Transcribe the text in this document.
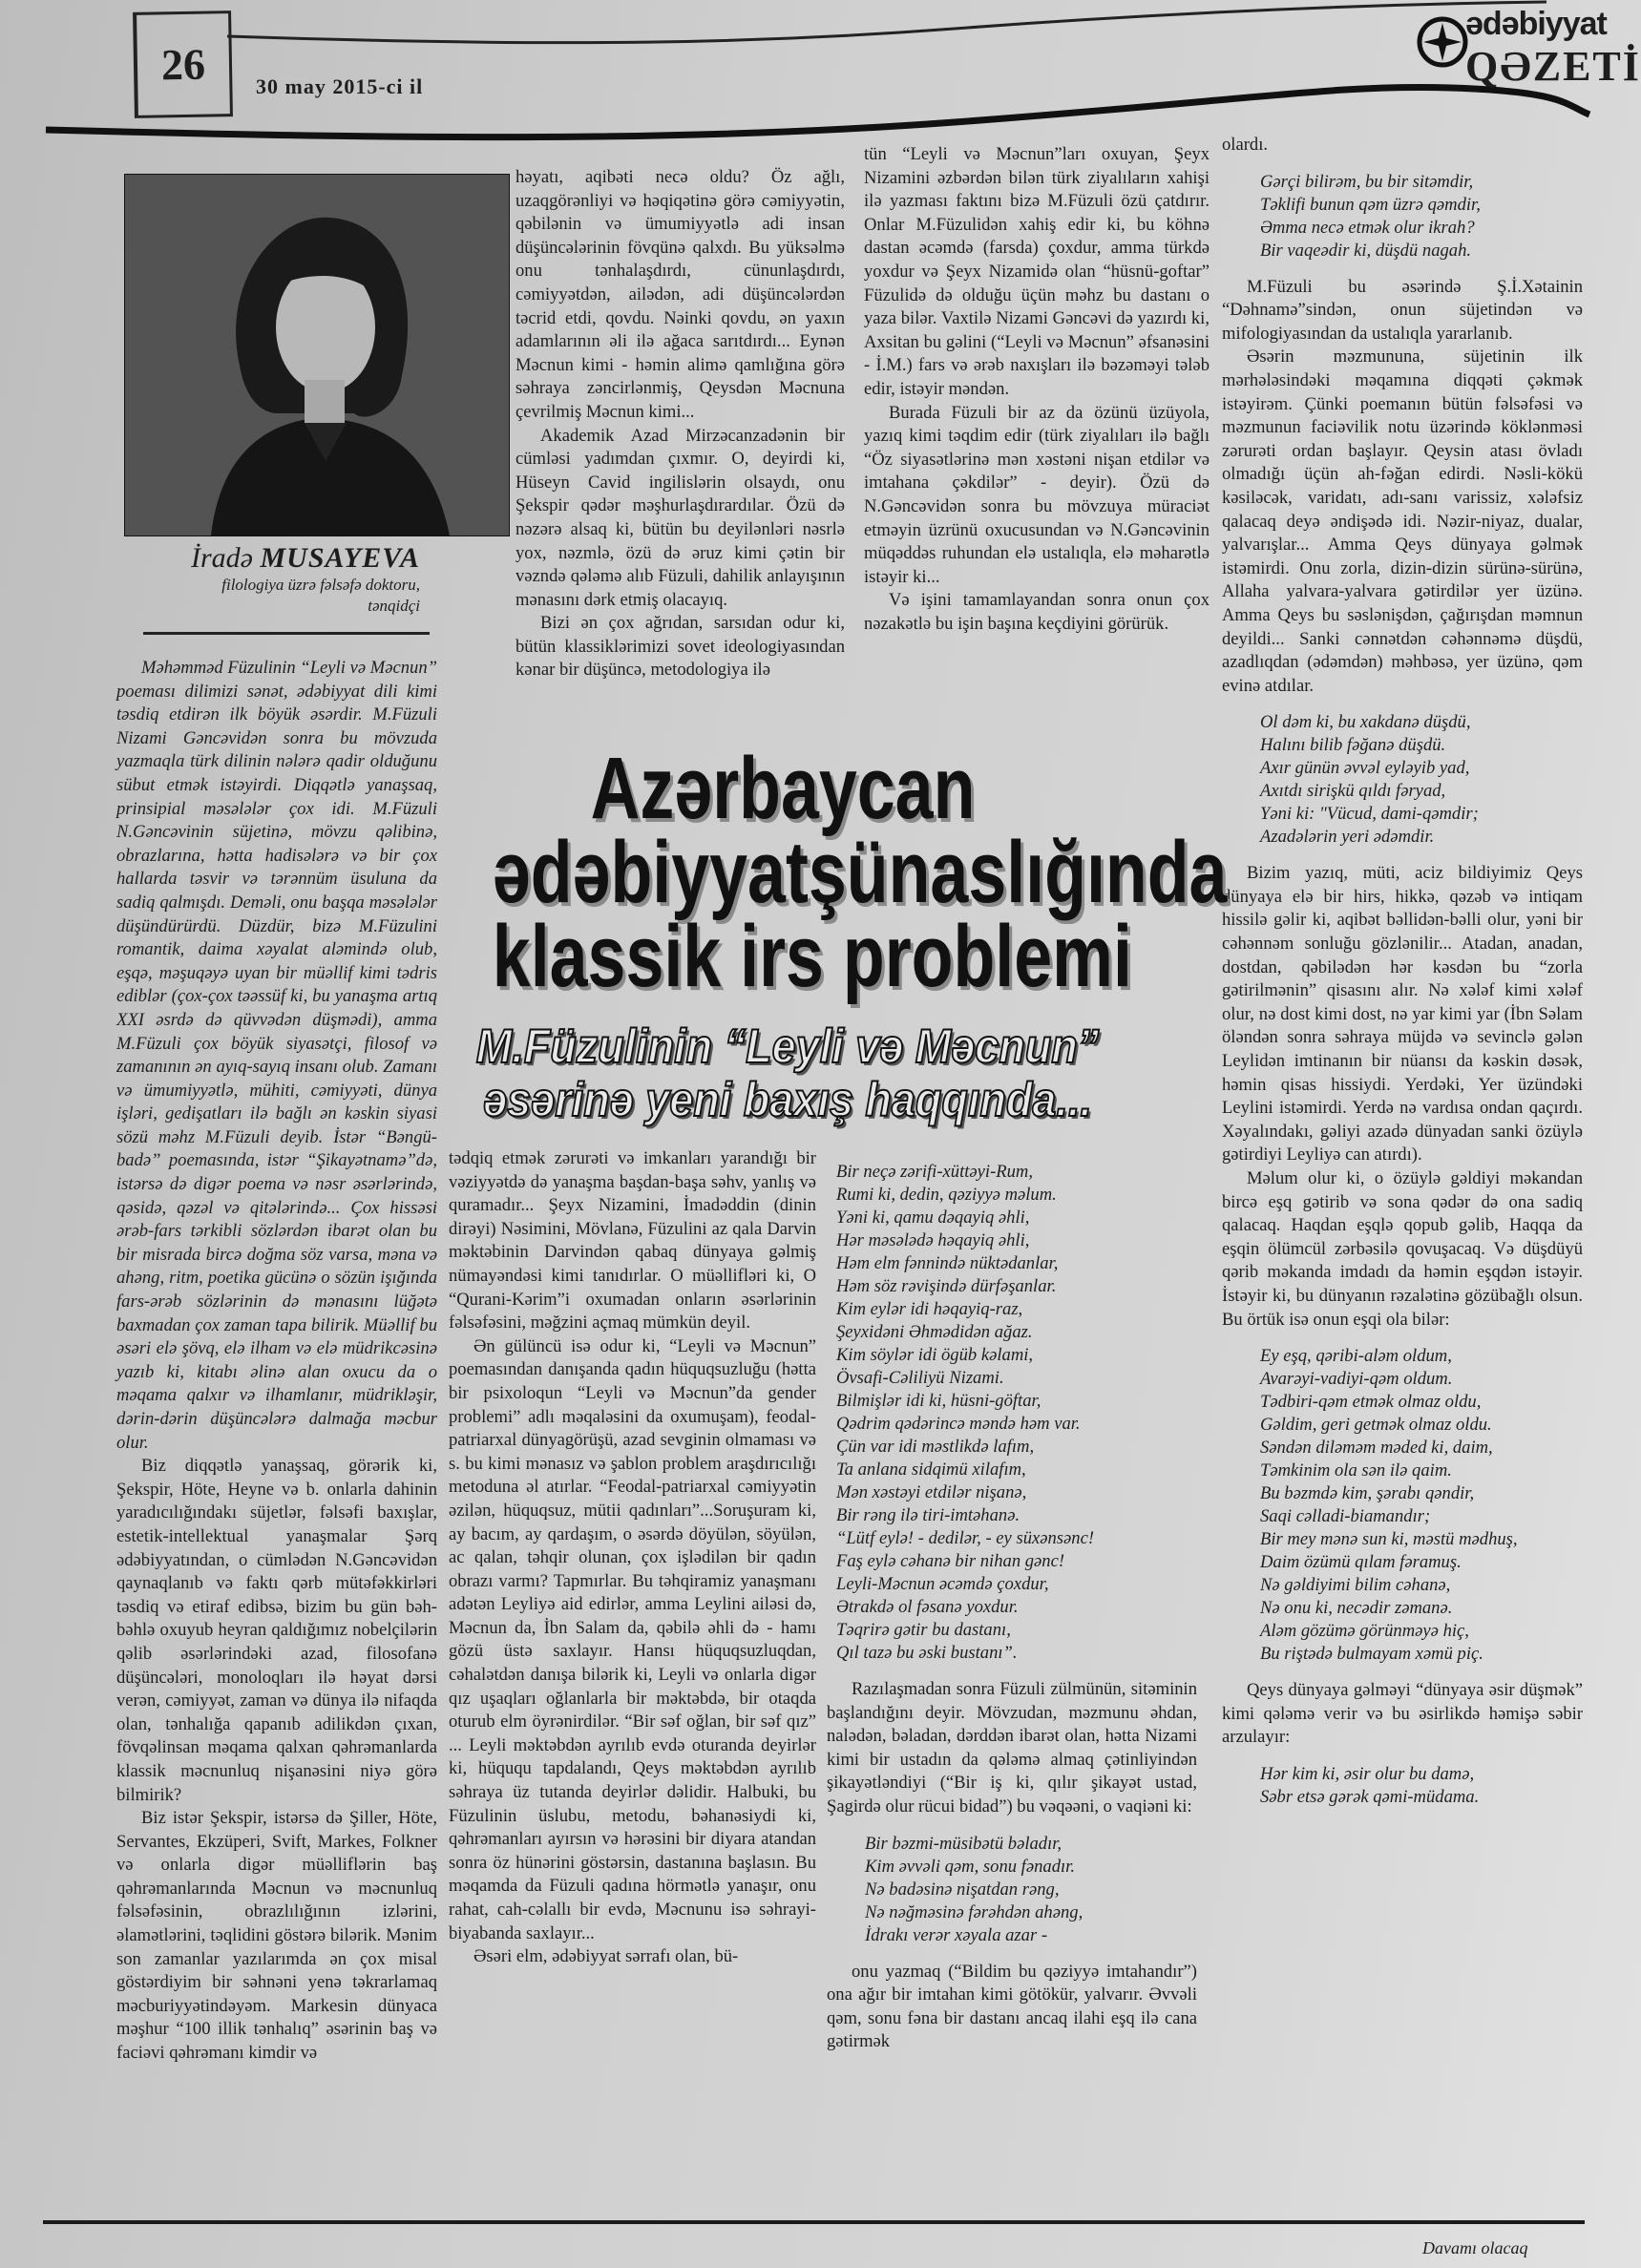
26	30 may 2015-ci il
ədəbiyyat
QƏZETİ
İradə MUSAYEVA
filologiya üzrə fəlsəfə doktoru,
tənqidçi

Məhəmməd Füzulinin “Leyli və Məcnun” poeması dilimizi sənət, ədəbiyyat dili kimi təsdiq etdirən ilk böyük əsərdir. M.Füzuli Nizami Gəncəvidən sonra bu mövzuda yazmaqla türk dilinin nələrə qadir olduğunu sübut etmək istəyirdi. Diqqətlə yanaşsaq, prinsipial məsələlər çox idi. M.Füzuli N.Gəncəvinin süjetinə, mövzu qəlibinə, obrazlarına, hətta hadisələrə və bir çox hallarda təsvir və tərənnüm üsuluna da sadiq qalmışdı. Deməli, onu başqa məsələlər düşündürürdü. Düzdür, bizə M.Füzulini romantik, daima xəyalat aləmində olub, eşqə, məşuqəyə uyan bir müəllif kimi tədris ediblər (çox-çox təəssüf ki, bu yanaşma artıq XXI əsrdə də qüvvədən düşmədi), amma M.Füzuli çox böyük siyasətçi, filosof və zamanının ən ayıq-sayıq insanı olub. Zamanı və ümumiyyətlə, mühiti, cəmiyyəti, dünya işləri, gedişatları ilə bağlı ən kəskin siyasi sözü məhz M.Füzuli deyib. İstər “Bəngü-badə” poemasında, istər “Şikayətnamə”də, istərsə də digər poema və nəsr əsərlərində, qəsidə, qəzəl və qitələrində... Çox hissəsi ərəb-fars tərkibli sözlərdən ibarət olan bu bir misrada bircə doğma söz varsa, məna və ahəng, ritm, poetika gücünə o sözün işığında fars-ərəb sözlərinin də mənasını lüğətə baxmadan çox zaman tapa bilirik. Müəllif bu əsəri elə şövq, elə ilham və elə müdrikcəsinə yazıb ki, kitabı əlinə alan oxucu da o məqama qalxır və ilhamlanır, müdrikləşir, dərin-dərin düşüncələrə dalmağa məcbur olur.

Biz diqqətlə yanaşsaq, görərik ki, Şekspir, Höte, Heyne və b. onlarla dahinin yaradıcılığındakı süjetlər, fəlsəfi baxışlar, estetik-intellektual yanaşmalar Şərq ədəbiyyatından, o cümlədən N.Gəncəvidən qaynaqlanıb və faktı qərb mütəfəkkirləri təsdiq və etiraf edibsə, bizim bu gün bəh-bəhlə oxuyub heyran qaldığımız nobelçilərin qəlib əsərlərindəki azad, filosofanə düşüncələri, monoloqları ilə həyat dərsi verən, cəmiyyət, zaman və dünya ilə nifaqda olan, tənhalığa qapanıb adilikdən çıxan, fövqəlinsan məqama qalxan qəhrəmanlarda klassik məcnunluq nişanəsini niyə görə bilmirik?

Biz istər Şekspir, istərsə də Şiller, Höte, Servantes, Ekzüperi, Svift, Markes, Folkner və onlarla digər müəlliflərin baş qəhrəmanlarında Məcnun və məcnunluq fəlsəfəsinin, obrazlılığının izlərini, əlamətlərini, təqlidini göstərə bilərik. Mənim son zamanlar yazılarımda ən çox misal göstərdiyim bir səhnəni yenə təkrarlamaq məcburiyyətindəyəm. Markesin dünyaca məşhur “100 illik tənhalıq” əsərinin baş və faciəvi qəhrəmanı kimdir və

həyatı, aqibəti necə oldu? Öz ağlı, uzaqgörənliyi və həqiqətinə görə cəmiyyətin, qəbilənin və ümumiyyətlə adi insan düşüncələrinin fövqünə qalxdı. Bu yüksəlmə onu tənhalaşdırdı, cünunlaşdırdı, cəmiyyətdən, ailədən, adi düşüncələrdən təcrid etdi, qovdu. Nəinki qovdu, ən yaxın adamlarının əli ilə ağaca sarıtdırdı... Eynən Məcnun kimi - həmin alimə qamlığına görə səhraya zəncirlənmiş, Qeysdən Məcnuna çevrilmiş Məcnun kimi...

Akademik Azad Mirzəcanzadənin bir cümləsi yadımdan çıxmır. O, deyirdi ki, Hüseyn Cavid ingilislərin olsaydı, onu Şekspir qədər məşhurlaşdırardılar. Özü də nəzərə alsaq ki, bütün bu deyilənləri nəsrlə yox, nəzmlə, özü də əruz kimi çətin bir vəzndə qələmə alıb Füzuli, dahilik anlayışının mənasını dərk etmiş olacayıq.

Bizi ən çox ağrıdan, sarsıdan odur ki, bütün klassiklərimizi sovet ideologiyasından kənar bir düşüncə, metodologiya ilə

tün “Leyli və Məcnun”ları oxuyan, Şeyx Nizamini əzbərdən bilən türk ziyalıların xahişi ilə yazması faktını bizə M.Füzuli özü çatdırır. Onlar M.Füzulidən xahiş edir ki, bu köhnə dastan əcəmdə (farsda) çoxdur, amma türkdə yoxdur və Şeyx Nizamidə olan “hüsnü-goftar” Füzulidə də olduğu üçün məhz bu dastanı o yaza bilər. Vaxtilə Nizami Gəncəvi də yazırdı ki, Axsitan bu gəlini (“Leyli və Məcnun” əfsanəsini - İ.M.) fars və ərəb naxışları ilə bəzəməyi tələb edir, istəyir məndən.

Burada Füzuli bir az da özünü üzüyola, yazıq kimi təqdim edir (türk ziyalıları ilə bağlı “Öz siyasətlərinə mən xəstəni nişan etdilər və imtahana çəkdilər” - deyir). Özü də N.Gəncəvidən sonra bu mövzuya müraciət etməyin üzrünü oxucusundan və N.Gəncəvinin müqəddəs ruhundan elə ustalıqla, elə məharətlə istəyir ki...

Və işini tamamlayandan sonra onun çox nəzakətlə bu işin başına keçdiyini görürük.

olardı.

Gərçi bilirəm, bu bir sitəmdir,
Təklifi bunun qəm üzrə qəmdir,
Əmma necə etmək olur ikrah?
Bir vaqeədir ki, düşdü nagah.

M.Füzuli bu əsərində Ş.İ.Xətainin “Dəhnamə”sindən, onun süjetindən və mifologiyasından da ustalıqla yararlanıb.

Əsərin məzmununa, süjetinin ilk mərhələsindəki məqamına diqqəti çəkmək istəyirəm. Çünki poemanın bütün fəlsəfəsi və məzmunun faciəvilik notu üzərində köklənməsi zərurəti ordan başlayır. Qeysin atası övladı olmadığı üçün ah-fəğan edirdi. Nəsli-kökü kəsiləcək, varidatı, adı-sanı varissiz, xələfsiz qalacaq deyə əndişədə idi. Nəzir-niyaz, dualar, yalvarışlar... Amma Qeys dünyaya gəlmək istəmirdi. Onu zorla, dizin-dizin sürünə-sürünə, Allaha yalvara-yalvara gətirdilər yer üzünə. Amma Qeys bu səslənişdən, çağırışdan məmnun deyildi... Sanki cənnətdən cəhənnəmə düşdü, azadlıqdan (ədəmdən) məhbəsə, yer üzünə, qəm evinə atdılar.

Ol dəm ki, bu xakdanə düşdü,
Halını bilib fəğanə düşdü.
Axır günün əvvəl eyləyib yad,
Axıtdı sirişkü qıldı fəryad,
Yəni ki: "Vücud, dami-qəmdir;
Azadələrin yeri ədəmdir.

Bizim yazıq, müti, aciz bildiyimiz Qeys dünyaya elə bir hirs, hikkə, qəzəb və intiqam hissilə gəlir ki, aqibət bəllidən-bəlli olur, yəni bir cəhənnəm sonluğu gözlənilir... Atadan, anadan, dostdan, qəbilədən hər kəsdən bu “zorla gətirilmənin” qisasını alır. Nə xələf kimi xələf olur, nə dost kimi dost, nə yar kimi yar (İbn Səlam öləndən sonra səhraya müjdə və sevinclə gələn Leylidən imtinanın bir nüansı da kəskin dəsək, həmin qisas hissiydi. Yerdəki, Yer üzündəki Leylini istəmirdi. Yerdə nə vardısa ondan qaçırdı. Xəyalındakı, gəliyi azadə dünyadan sanki özüylə gətirdiyi Leyliyə can atırdı).

Məlum olur ki, o özüylə gəldiyi məkandan bircə eşq gətirib və sona qədər də ona sadiq qalacaq. Haqdan eşqlə qopub gəlib, Haqqa da eşqin ölümcül zərbəsilə qovuşacaq. Və düşdüyü qərib məkanda imdadı da həmin eşqdən istəyir. İstəyir ki, bu dünyanın rəzalətinə gözübağlı olsun. Bu örtük isə onun eşqi ola bilər:

Ey eşq, qəribi-aləm oldum,
Avarəyi-vadiyi-qəm oldum.
Tədbiri-qəm etmək olmaz oldu,
Gəldim, geri getmək olmaz oldu.
Səndən diləməm məded ki, daim,
Təmkinim ola sən ilə qaim.
Bu bəzmdə kim, şərabı qəndir,
Saqi cəlladi-biamandır;
Bir mey mənə sun ki, məstü mədhuş,
Daim özümü qılam fəramuş.
Nə gəldiyimi bilim cəhanə,
Nə onu ki, necədir zəmanə.
Aləm gözümə görünməyə hiç,
Bu riştədə bulmayam xəmü piç.

Qeys dünyaya gəlməyi “dünyaya əsir düşmək” kimi qələmə verir və bu əsirlikdə həmişə səbir arzulayır:

Hər kim ki, əsir olur bu damə,
Səbr etsə gərək qəmi-müdama.

tədqiq etmək zərurəti və imkanları yarandığı bir vəziyyətdə də yanaşma başdan-başa səhv, yanlış və quramadır... Şeyx Nizamini, İmadəddin (dinin dirəyi) Nəsimini, Mövlanə, Füzulini az qala Darvin məktəbinin Darvindən qabaq dünyaya gəlmiş nümayəndəsi kimi tanıdırlar. O müəllifləri ki, O “Qurani-Kərim”i oxumadan onların əsərlərinin fəlsəfəsini, məğzini açmaq mümkün deyil.

Ən gülüncü isə odur ki, “Leyli və Məcnun” poemasından danışanda qadın hüquqsuzluğu (hətta bir psixoloqun “Leyli və Məcnun”da gender problemi” adlı məqaləsini da oxumuşam), feodal-patriarxal dünyagörüşü, azad sevginin olmaması və s. bu kimi mənasız və şablon problem araşdırıcılığı metoduna əl atırlar. “Feodal-patriarxal cəmiyyətin əzilən, hüquqsuz, mütii qadınları”...Soruşuram ki, ay bacım, ay qardaşım, o əsərdə döyülən, söyülən, ac qalan, təhqir olunan, çox işlədilən bir qadın obrazı varmı? Tapmırlar. Bu təhqiramiz yanaşmanı adətən Leyliyə aid edirlər, amma Leylini ailəsi də, Məcnun da, İbn Salam da, qəbilə əhli də - hamı gözü üstə saxlayır. Hansı hüquqsuzluqdan, cəhalətdən danışa bilərik ki, Leyli və onlarla digər qız uşaqları oğlanlarla bir məktəbdə, bir otaqda oturub elm öyrənirdilər. “Bir səf oğlan, bir səf qız” ... Leyli məktəbdən ayrılıb evdə oturanda deyirlər ki, hüququ tapdalandı, Qeys məktəbdən ayrılıb səhraya üz tutanda deyirlər dəlidir. Halbuki, bu Füzulinin üslubu, metodu, bəhanəsiydi ki, qəhrəmanları ayırsın və hərəsini bir diyara atandan sonra öz hünərini göstərsin, dastanına başlasın. Bu məqamda da Füzuli qadına hörmətlə yanaşır, onu rahat, cah-cəlallı bir evdə, Məcnunu isə səhrayi-biyabanda saxlayır...

Əsəri elm, ədəbiyyat sərrafı olan, bü-

Bir neçə zərifi-xüttəyi-Rum,
Rumi ki, dedin, qəziyyə məlum.
Yəni ki, qamu dəqayiq əhli,
Hər məsələdə həqayiq əhli,
Həm elm fənnində nüktədanlar,
Həm söz rəvişində dürfəşanlar.
Kim eylər idi həqayiq-raz,
Şeyxidəni Əhmədidən ağaz.
Kim söylər idi ögüb kəlami,
Övsafi-Cəliliyü Nizami.
Bilmişlər idi ki, hüsni-göftar,
Qədrim qədərincə məndə həm var.
Çün var idi məstlikdə lafım,
Ta anlana sidqimü xilafım,
Mən xəstəyi etdilər nişanə,
Bir rəng ilə tiri-imtəhanə.
“Lütf eylə! - dedilər, - ey süxənsənc!
Faş eylə cəhanə bir nihan gənc!
Leyli-Məcnun əcəmdə çoxdur,
Ətrakdə ol fəsanə yoxdur.
Təqrirə gətir bu dastanı,
Qıl tazə bu əski bustanı”.

Razılaşmadan sonra Füzuli zülmünün, sitəminin başlandığını deyir. Mövzudan, məzmunu əhdan, nalədən, bəladan, dərddən ibarət olan, hətta Nizami kimi bir ustadın da qələmə almaq çətinliyindən şikayətləndiyi (“Bir iş ki, qılır şikayət ustad, Şagirdə olur rücui bidad”) bu vəqəəni, o vaqiəni ki:

Bir bəzmi-müsibətü bəladır,
Kim əvvəli qəm, sonu fənadır.
Nə badəsinə nişatdan rəng,
Nə nəğməsinə fərəhdən ahəng,
İdrakı verər xəyala azar -

onu yazmaq (“Bildim bu qəziyyə imtahandır”) ona ağır bir imtahan kimi götökür, yalvarır. Əvvəli qəm, sonu fəna bir dastanı ancaq ilahi eşq ilə cana gətirmək

Azərbaycan
ədəbiyyatşünaslığında
klassik irs problemi
M.Füzulinin “Leyli və Məcnun”
əsərinə yeni baxış haqqında...
Davamı olacaq
